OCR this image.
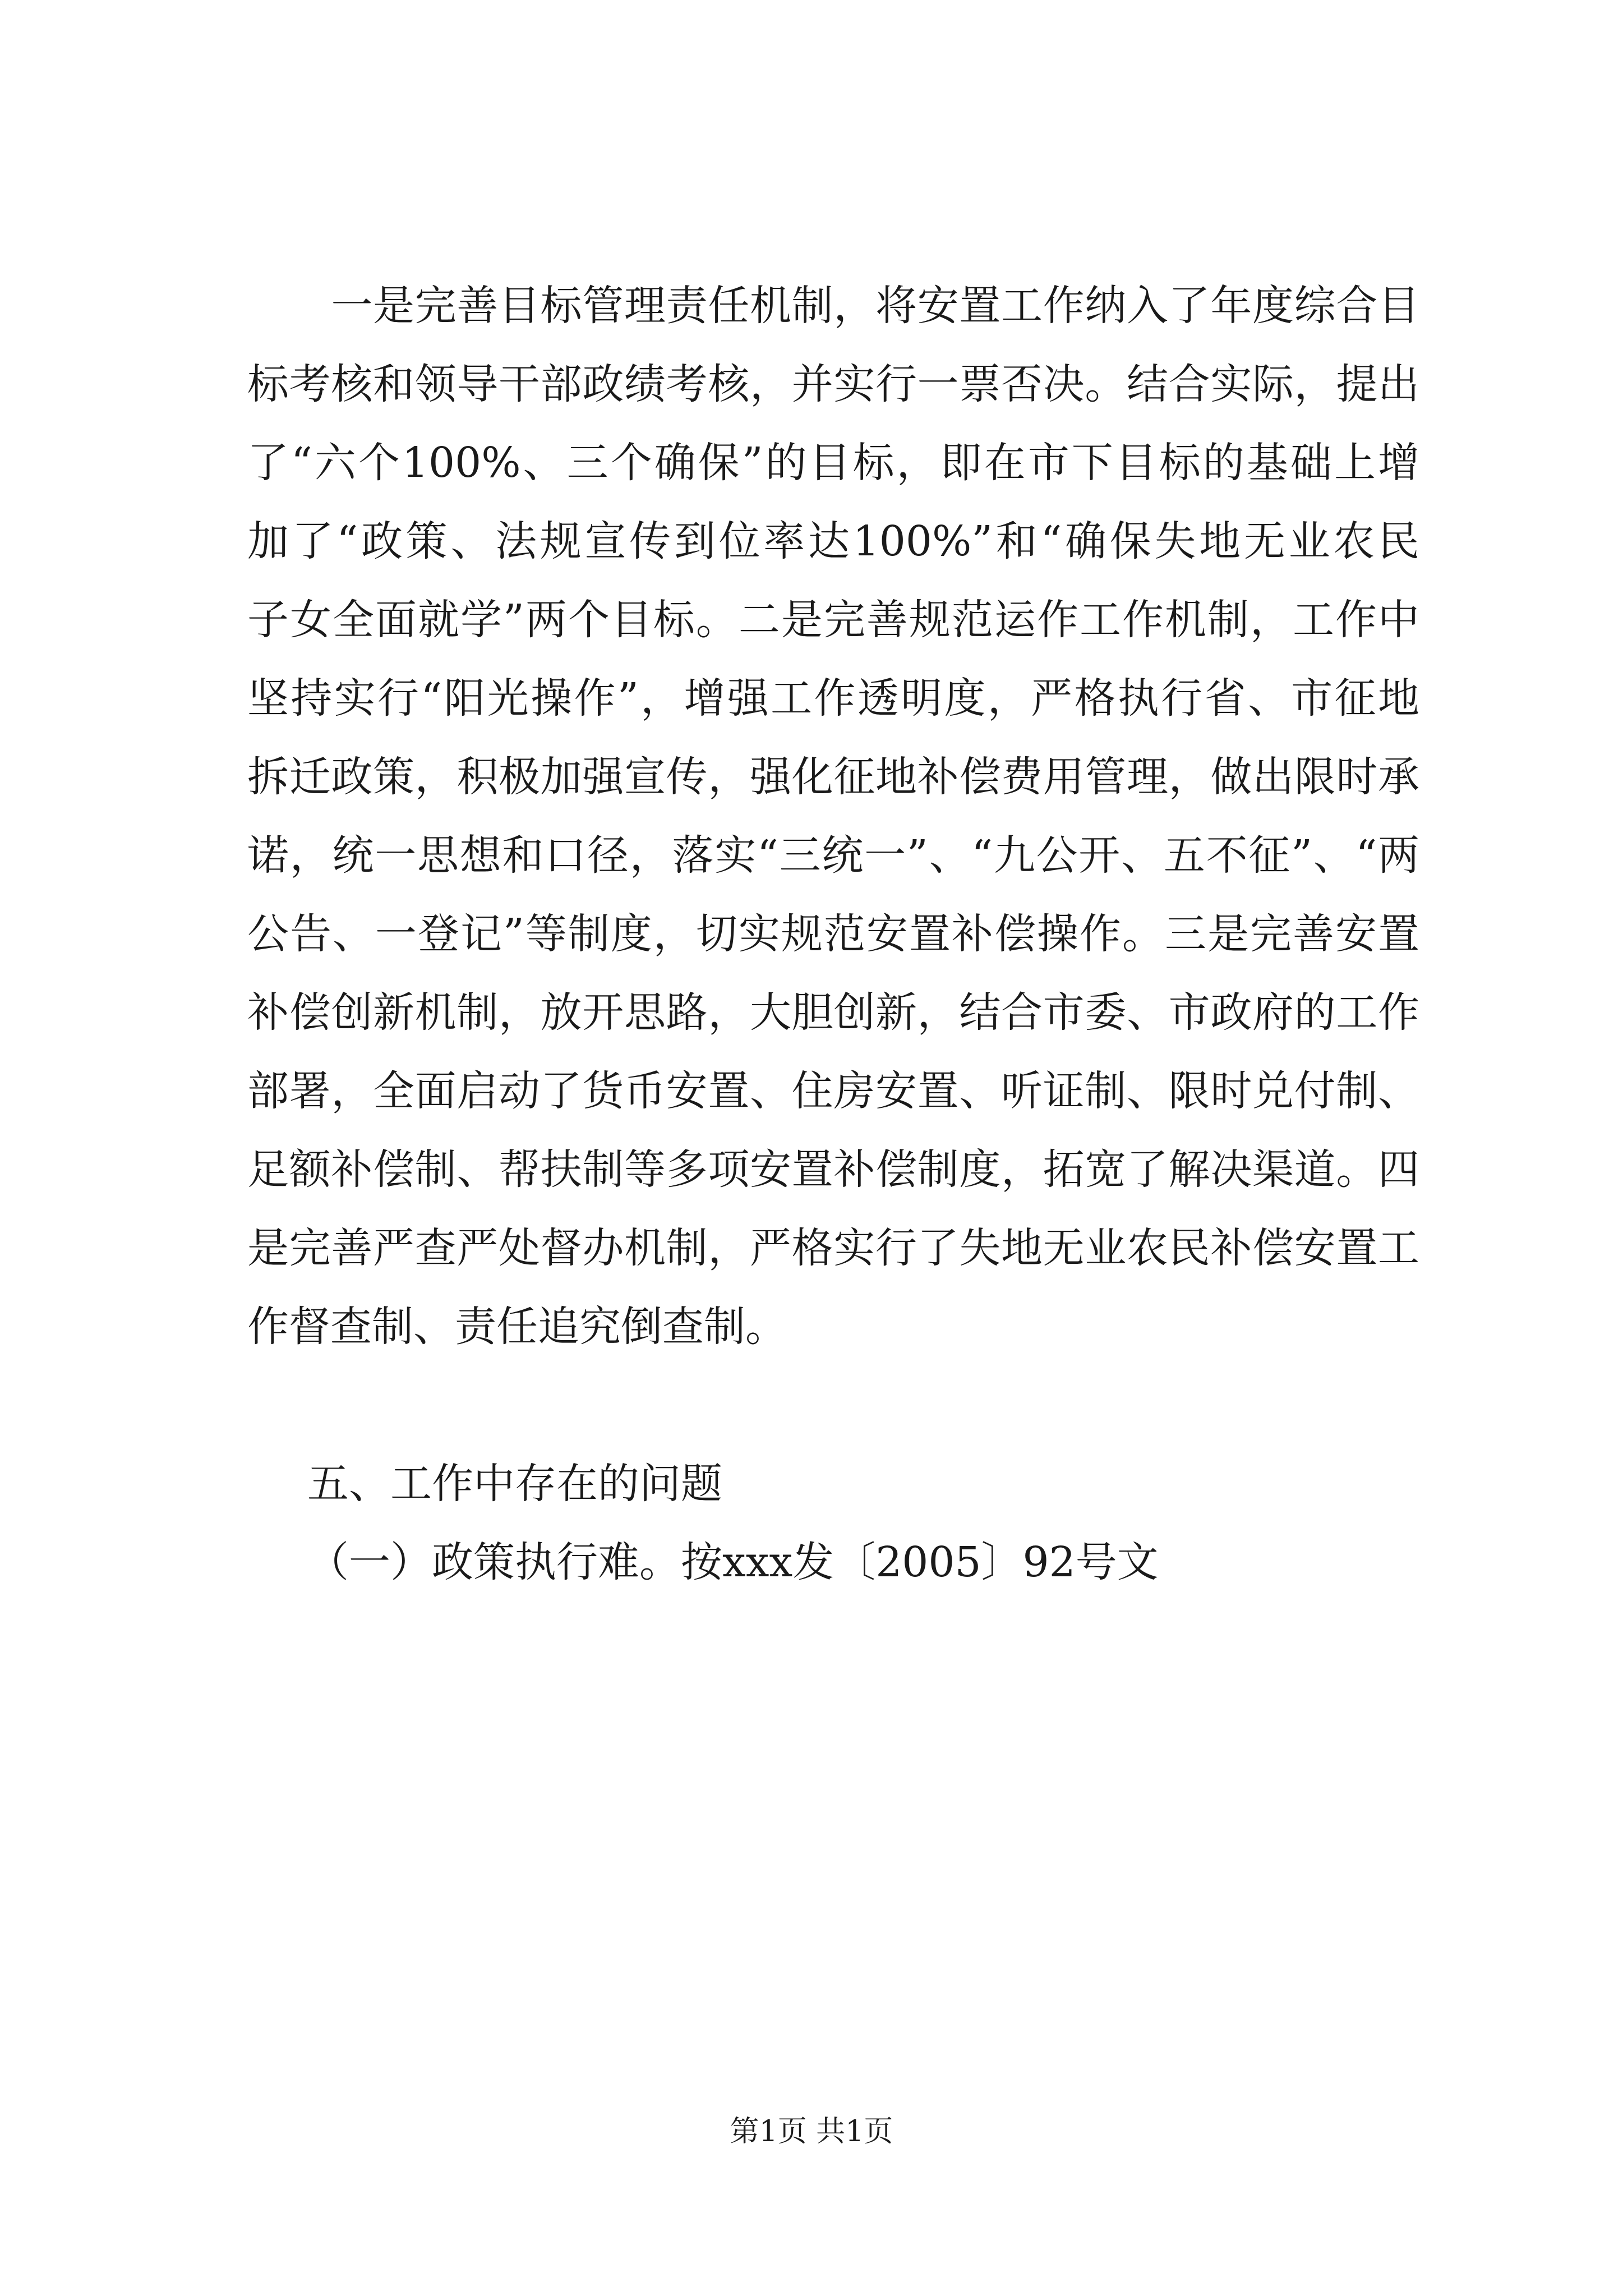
　　一是完善目标管理责任机制，将安置工作纳入了年度综合目
标考核和领导干部政绩考核，并实行一票否决。结合实际，提出
了“六个100%、三个确保”的目标，即在市下目标的基础上增
加了“政策、法规宣传到位率达100%”和“确保失地无业农民
子女全面就学”两个目标。二是完善规范运作工作机制，工作中
坚持实行“阳光操作”，增强工作透明度，严格执行省、市征地
拆迁政策，积极加强宣传，强化征地补偿费用管理，做出限时承
诺，统一思想和口径，落实“三统一”、“九公开、五不征”、“两
公告、一登记”等制度，切实规范安置补偿操作。三是完善安置
补偿创新机制，放开思路，大胆创新，结合市委、市政府的工作
部署，全面启动了货币安置、住房安置、听证制、限时兑付制、
足额补偿制、帮扶制等多项安置补偿制度，拓宽了解决渠道。四
是完善严查严处督办机制，严格实行了失地无业农民补偿安置工
作督查制、责任追究倒查制。
五、工作中存在的问题
（一）政策执行难。按xxx发〔2005〕92号文
第1页 共1页
